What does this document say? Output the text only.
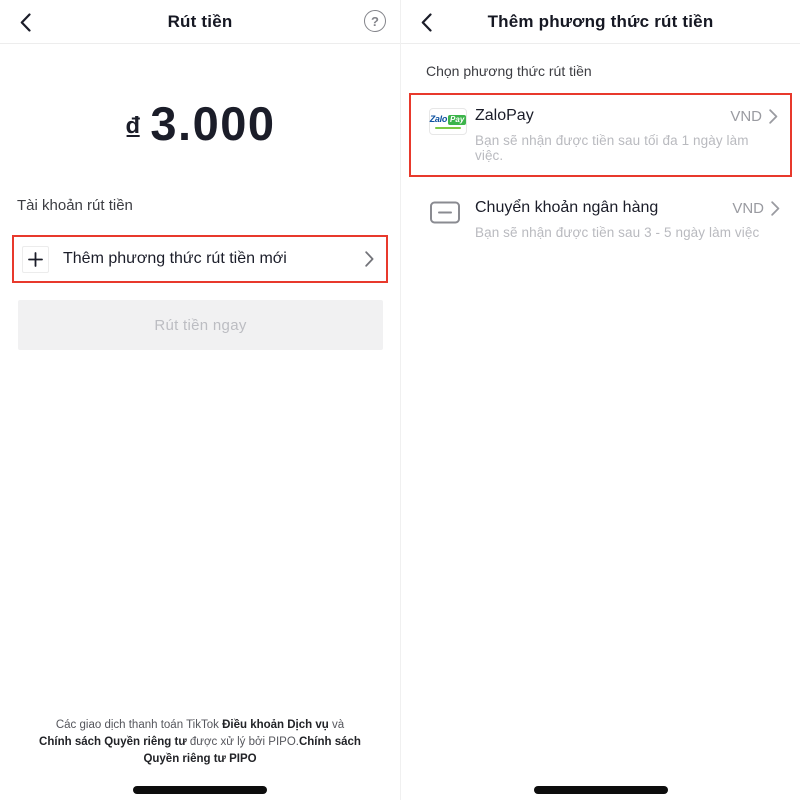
Rút tiền	?
₫ 3.000
Tài khoản rút tiền
Thêm phương thức rút tiền mới
Rút tiền ngay
Các giao dịch thanh toán TikTok Điều khoản Dịch vụ và
Chính sách Quyền riêng tư được xử lý bởi PIPO.Chính sách
Quyền riêng tư PIPO
Thêm phương thức rút tiền
Chọn phương thức rút tiền
Zalo Pay ZaloPay	VND
Bạn sẽ nhận được tiền sau tối đa 1 ngày làm việc.
Chuyển khoản ngân hàng	VND
Bạn sẽ nhận được tiền sau 3 - 5 ngày làm việc
